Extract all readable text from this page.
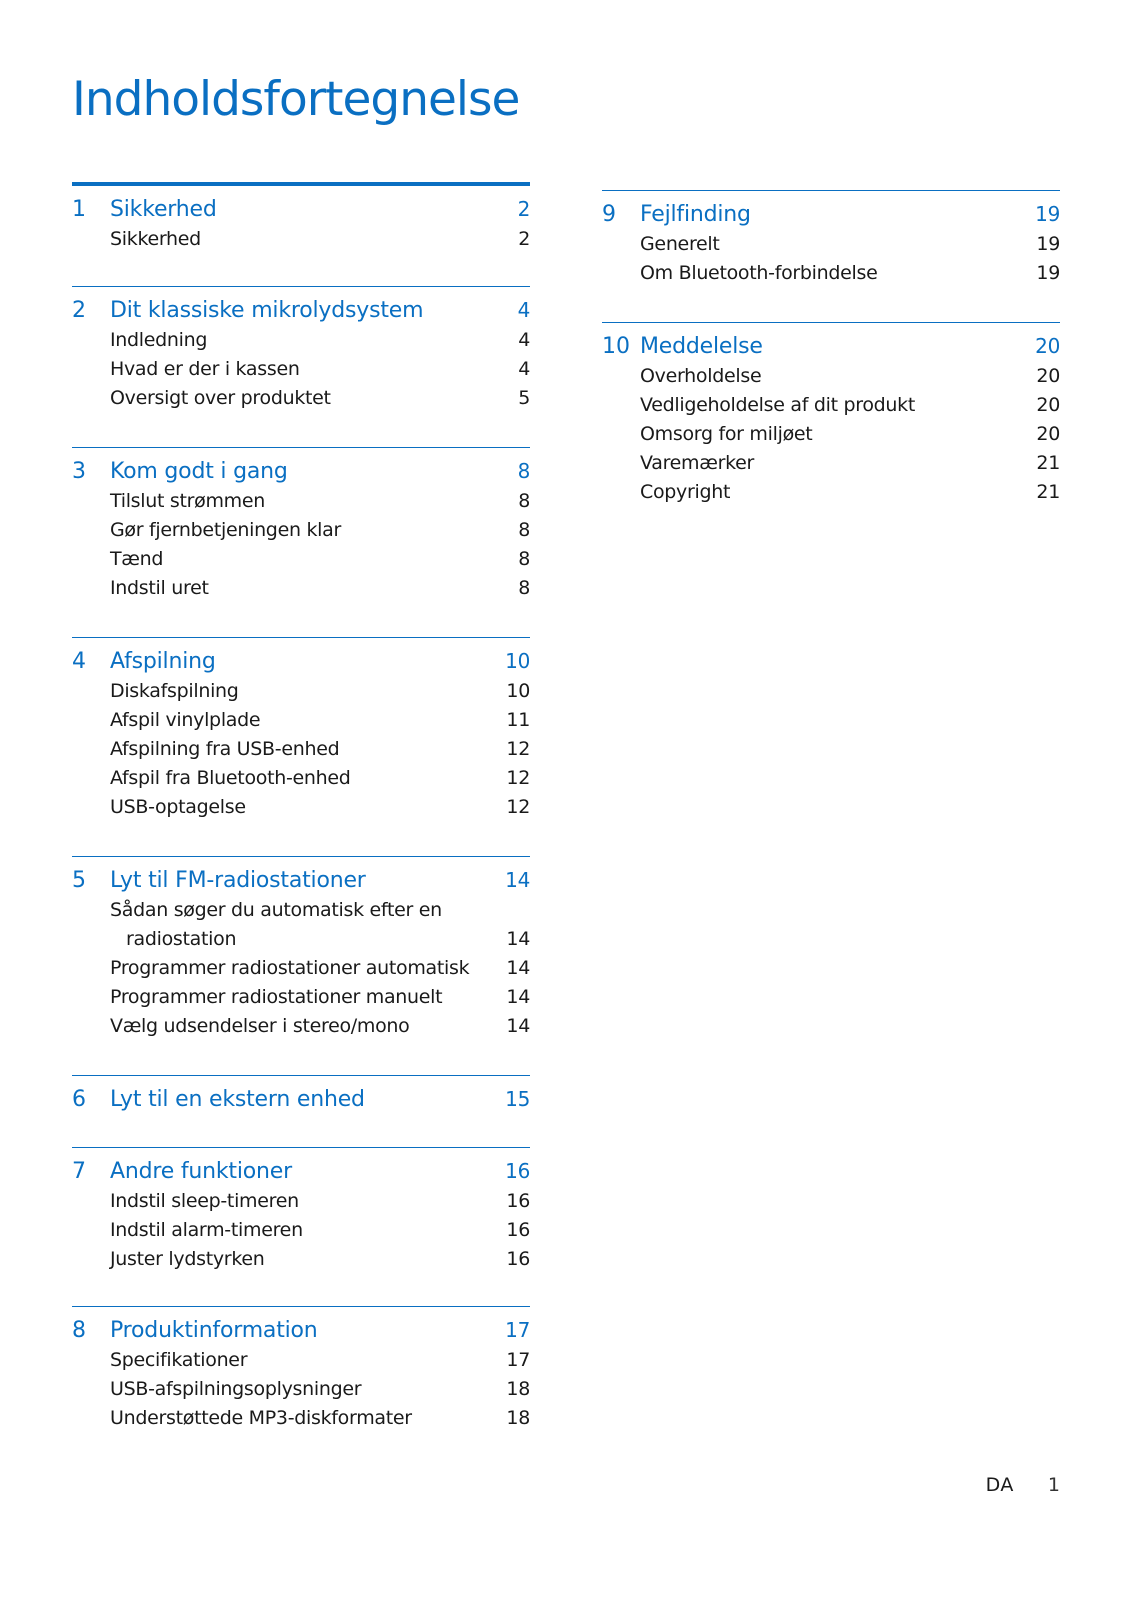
Indholdsfortegnelse
1	Sikkerhed	2
Sikkerhed	2
2	Dit klassiske mikrolydsystem	4
Indledning	4
Hvad er der i kassen	4
Oversigt over produktet	5
3	Kom godt i gang	8
Tilslut strømmen	8
Gør fjernbetjeningen klar	8
Tænd	8
Indstil uret	8
4	Afspilning	10
Diskafspilning	10
Afspil vinylplade	11
Afspilning fra USB-enhed	12
Afspil fra Bluetooth-enhed	12
USB-optagelse	12
5	Lyt til FM-radiostationer	14
Sådan søger du automatisk efter en
radiostation	14
Programmer radiostationer automatisk	14
Programmer radiostationer manuelt	14
Vælg udsendelser i stereo/mono	14
6	Lyt til en ekstern enhed	15
7	Andre funktioner	16
Indstil sleep-timeren	16
Indstil alarm-timeren	16
Juster lydstyrken	16
8	Produktinformation	17
Specifikationer	17
USB-afspilningsoplysninger	18
Understøttede MP3-diskformater	18
9	Fejlfinding	19
Generelt	19
Om Bluetooth-forbindelse	19
10 Meddelelse	20
Overholdelse	20
Vedligeholdelse af dit produkt	20
Omsorg for miljøet	20
Varemærker	21
Copyright	21
DA 1
